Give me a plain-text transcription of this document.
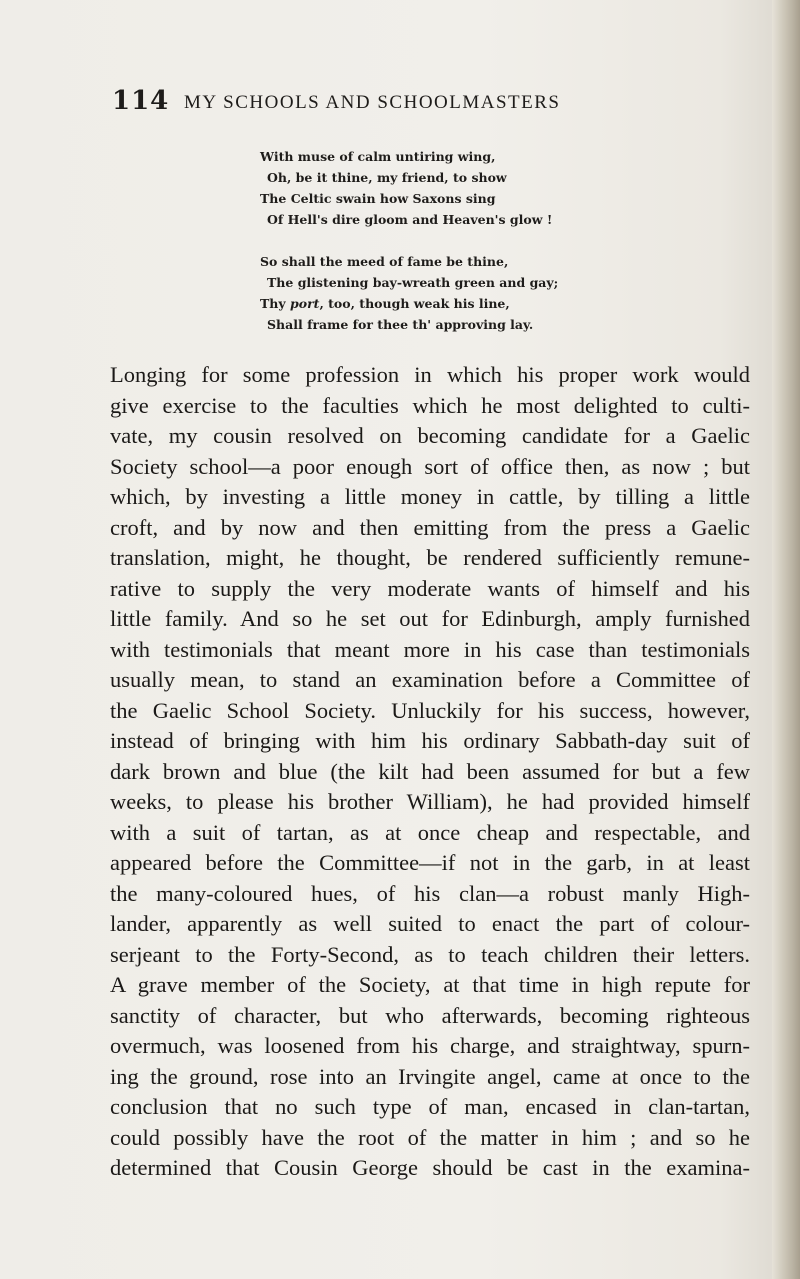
114 MY SCHOOLS AND SCHOOLMASTERS
With muse of calm untiring wing,
Oh, be it thine, my friend, to show
The Celtic swain how Saxons sing
Of Hell's dire gloom and Heaven's glow !
So shall the meed of fame be thine,
The glistening bay-wreath green and gay;
Thy port, too, though weak his line,
Shall frame for thee th' approving lay.
Longing for some profession in which his proper work would
give exercise to the faculties which he most delighted to culti-
vate, my cousin resolved on becoming candidate for a Gaelic
Society school—a poor enough sort of office then, as now ; but
which, by investing a little money in cattle, by tilling a little
croft, and by now and then emitting from the press a Gaelic
translation, might, he thought, be rendered sufficiently remune-
rative to supply the very moderate wants of himself and his
little family. And so he set out for Edinburgh, amply furnished
with testimonials that meant more in his case than testimonials
usually mean, to stand an examination before a Committee of
the Gaelic School Society. Unluckily for his success, however,
instead of bringing with him his ordinary Sabbath-day suit of
dark brown and blue (the kilt had been assumed for but a few
weeks, to please his brother William), he had provided himself
with a suit of tartan, as at once cheap and respectable, and
appeared before the Committee—if not in the garb, in at least
the many-coloured hues, of his clan—a robust manly High-
lander, apparently as well suited to enact the part of colour-
serjeant to the Forty-Second, as to teach children their letters.
A grave member of the Society, at that time in high repute for
sanctity of character, but who afterwards, becoming righteous
overmuch, was loosened from his charge, and straightway, spurn-
ing the ground, rose into an Irvingite angel, came at once to the
conclusion that no such type of man, encased in clan-tartan,
could possibly have the root of the matter in him ; and so he
determined that Cousin George should be cast in the examina-
